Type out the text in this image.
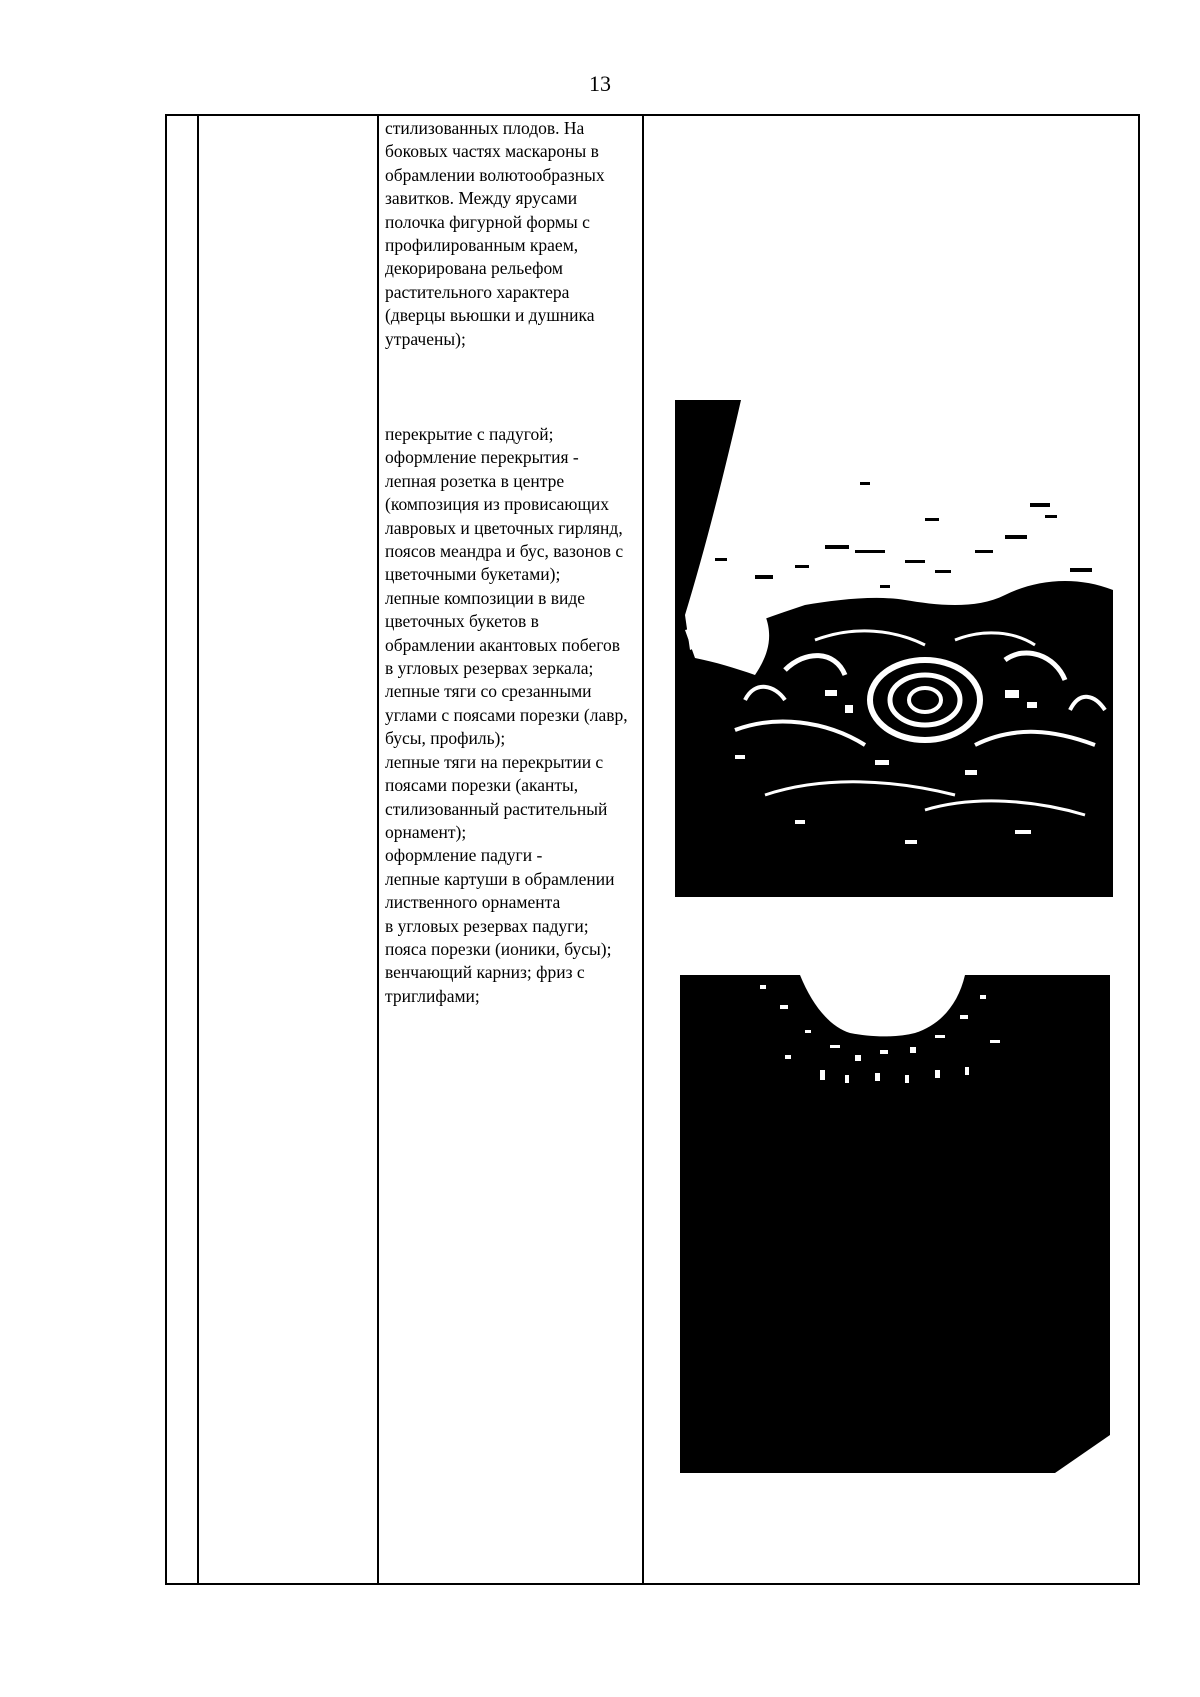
13

стилизованных плодов. На боковых частях маскароны в обрамлении волютообразных завитков. Между ярусами полочка фигурной формы с профилированным краем, декорирована рельефом растительного характера (дверцы вьюшки и душника утрачены);

перекрытие с падугой;

оформление перекрытия -

лепная розетка в центре (композиция из провисающих лавровых и цветочных гирлянд, поясов меандра и бус, вазонов с цветочными букетами);

лепные композиции в виде цветочных букетов в обрамлении акантовых побегов в угловых резервах зеркала;

лепные тяги со срезанными углами с поясами порезки (лавр, бусы, профиль);

лепные тяги на перекрытии с поясами порезки (аканты, стилизованный растительный орнамент);

оформление падуги -

лепные картуши в обрамлении лиственного орнамента

в угловых резервах падуги;

пояса порезки (ионики, бусы);

венчающий карниз; фриз с триглифами;
